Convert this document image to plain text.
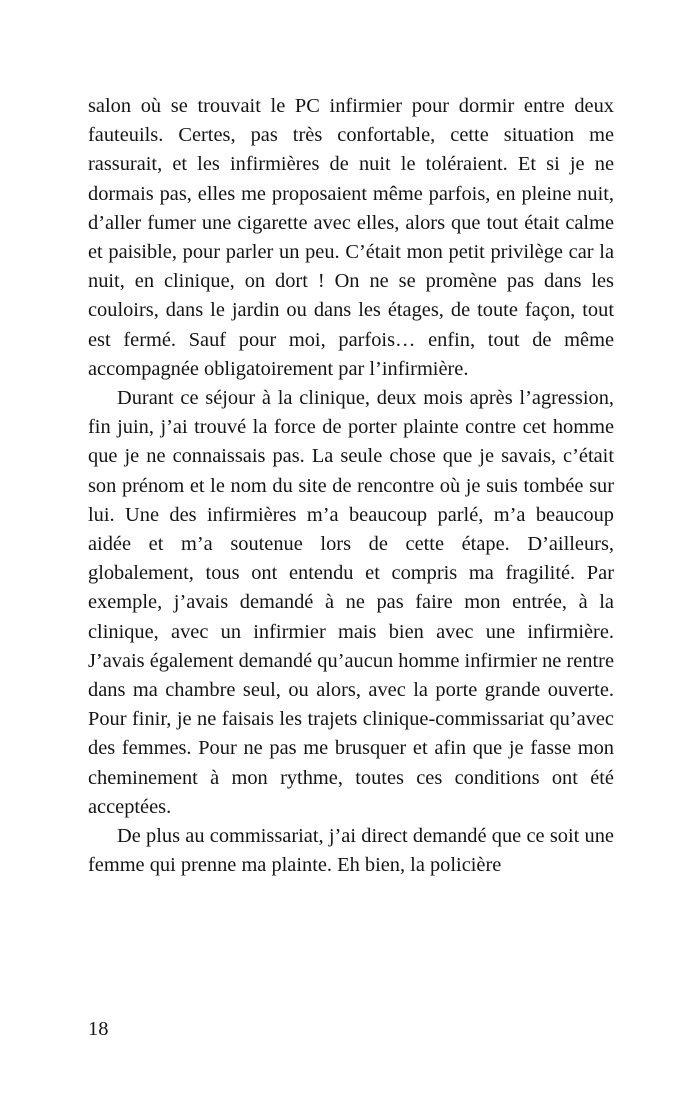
salon où se trouvait le PC infirmier pour dormir entre deux fauteuils. Certes, pas très confortable, cette situation me rassurait, et les infirmières de nuit le toléraient. Et si je ne dormais pas, elles me proposaient même parfois, en pleine nuit, d’aller fumer une cigarette avec elles, alors que tout était calme et paisible, pour parler un peu. C’était mon petit privilège car la nuit, en clinique, on dort ! On ne se promène pas dans les couloirs, dans le jardin ou dans les étages, de toute façon, tout est fermé. Sauf pour moi, parfois… enfin, tout de même accompagnée obligatoirement par l’infirmière.

Durant ce séjour à la clinique, deux mois après l’agression, fin juin, j’ai trouvé la force de porter plainte contre cet homme que je ne connaissais pas. La seule chose que je savais, c’était son prénom et le nom du site de rencontre où je suis tombée sur lui. Une des infirmières m’a beaucoup parlé, m’a beaucoup aidée et m’a soutenue lors de cette étape. D’ailleurs, globalement, tous ont entendu et compris ma fragilité. Par exemple, j’avais demandé à ne pas faire mon entrée, à la clinique, avec un infirmier mais bien avec une infirmière. J’avais également demandé qu’aucun homme infirmier ne rentre dans ma chambre seul, ou alors, avec la porte grande ouverte. Pour finir, je ne faisais les trajets clinique-commissariat qu’avec des femmes. Pour ne pas me brusquer et afin que je fasse mon cheminement à mon rythme, toutes ces conditions ont été acceptées.

De plus au commissariat, j’ai direct demandé que ce soit une femme qui prenne ma plainte. Eh bien, la policière

18
